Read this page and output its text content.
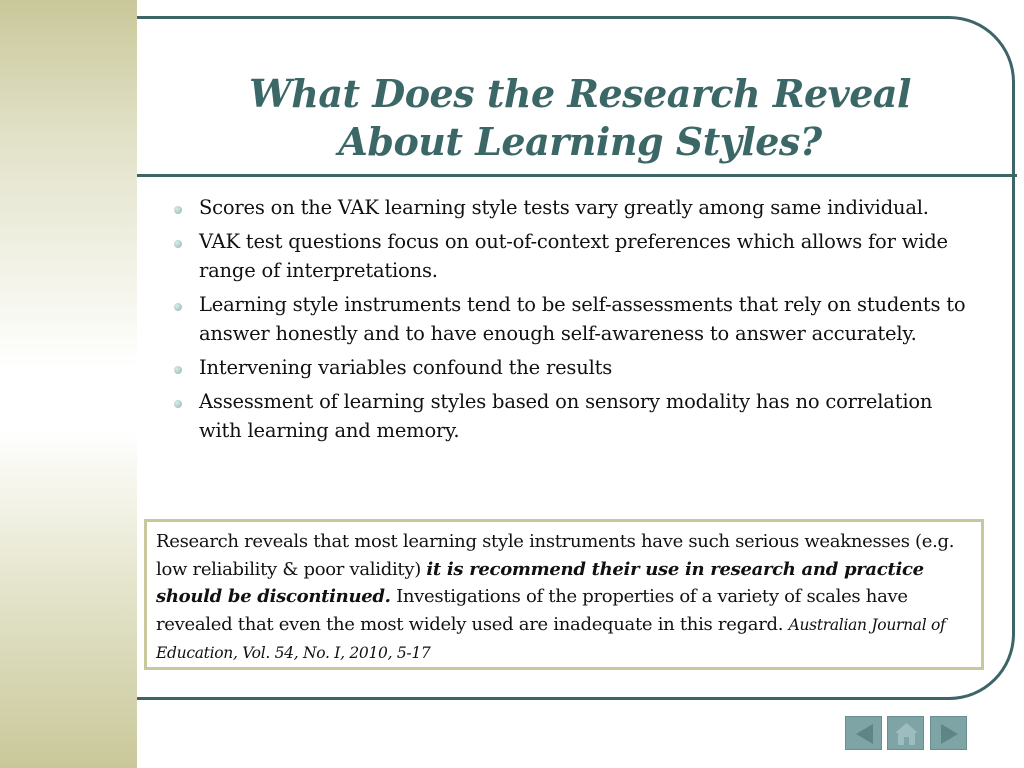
What Does the Research Reveal
About Learning Styles?
Scores on the VAK learning style tests vary greatly among same individual.
VAK test questions focus on out-of-context preferences which allows for wide range of interpretations.
Learning style instruments tend to be self-assessments that rely on students to answer honestly and to have enough self-awareness to answer accurately.
Intervening variables confound the results
Assessment of learning styles based on sensory modality has no correlation with learning and memory.
Research reveals that most learning style instruments have such serious weaknesses (e.g. low reliability & poor validity) it is recommend their use in research and practice should be discontinued. Investigations of the properties of a variety of scales have revealed that even the most widely used are inadequate in this regard. Australian Journal of Education, Vol. 54, No. I, 2010, 5-17
